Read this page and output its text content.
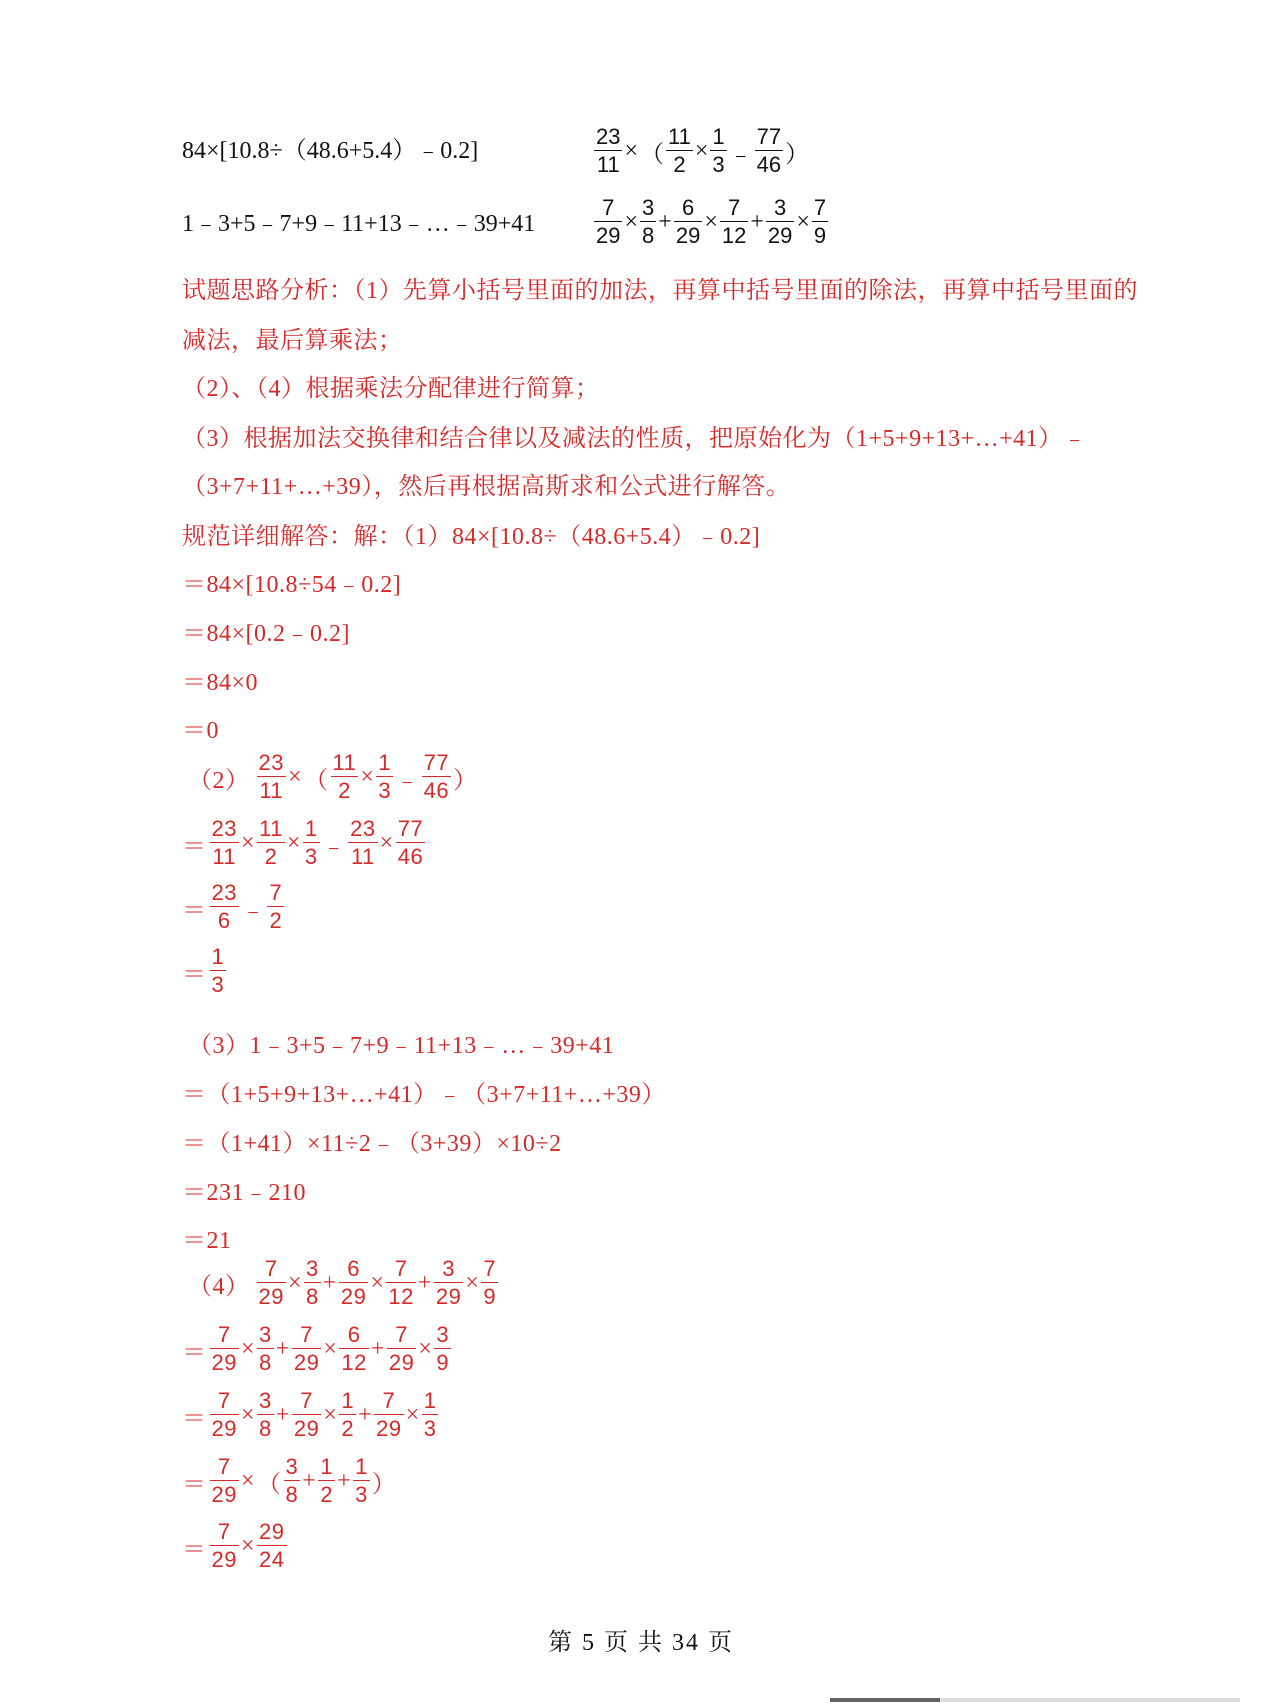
84×[10.8÷（48.6+5.4）﹣0.2]	$\frac{23}{11}$ × （ $\frac{11}{2} \times \frac{1}{3}$ ﹣
77
46 ）
1﹣3+5﹣7+9﹣11+13﹣…﹣39+41	$\frac{7}{29} \times \frac{3}{8} + \frac{6}{29} \times \frac{7}{12} + \frac{3}{29} \times \frac{7}{9}$
试题思路分析：（1）先算小括号里面的加法，再算中括号里面的除法，再算中括号里面的
减法，最后算乘法；
（2）、（4）根据乘法分配律进行简算；
（3）根据加法交换律和结合律以及减法的性质，把原始化为（1+5+9+13+…+41）﹣
（3+7+11+…+39），然后再根据高斯求和公式进行解答。
规范详细解答：解：（1）84×[10.8÷（48.6+5.4）﹣0.2]
＝84×[10.8÷54﹣0.2]
＝84×[0.2﹣0.2]
＝84×0
＝0
$(2) \frac{23}{11}$ × （ $\frac{11}{2} \times \frac{1}{3}$ ﹣
77
46 ）
＝ $\frac{23}{11} \times \frac{11}{2} \times \frac{1}{3}$ ﹣ $\frac{23}{11} \times \frac{77}{46}$
＝
23
6 ﹣
7
2
＝
1
3
（3）1﹣3+5﹣7+9﹣11+13﹣…﹣39+41
＝（1+5+9+13+…+41）﹣（3+7+11+…+39）
＝（1+41）×11÷2﹣（3+39）×10÷2
＝231﹣210
＝21
$(4) \frac{7}{29} \times \frac{3}{8} + \frac{6}{29} \times \frac{7}{12} + \frac{3}{29} \times \frac{7}{9}$
＝ $\frac{7}{29} \times \frac{3}{8} + \frac{7}{29} \times \frac{6}{12} + \frac{7}{29} \times \frac{3}{9}$
＝ $\frac{7}{29} \times \frac{3}{8} + \frac{7}{29} \times \frac{1}{2} + \frac{7}{29} \times \frac{1}{3}$
＝ $\frac{7}{29}$ × （
3
8
+ $\frac{1}{2} + \frac{1}{3}$ ）
＝ $\frac{7}{29} \times \frac{29}{24}$
第 5 页 共 34 页
